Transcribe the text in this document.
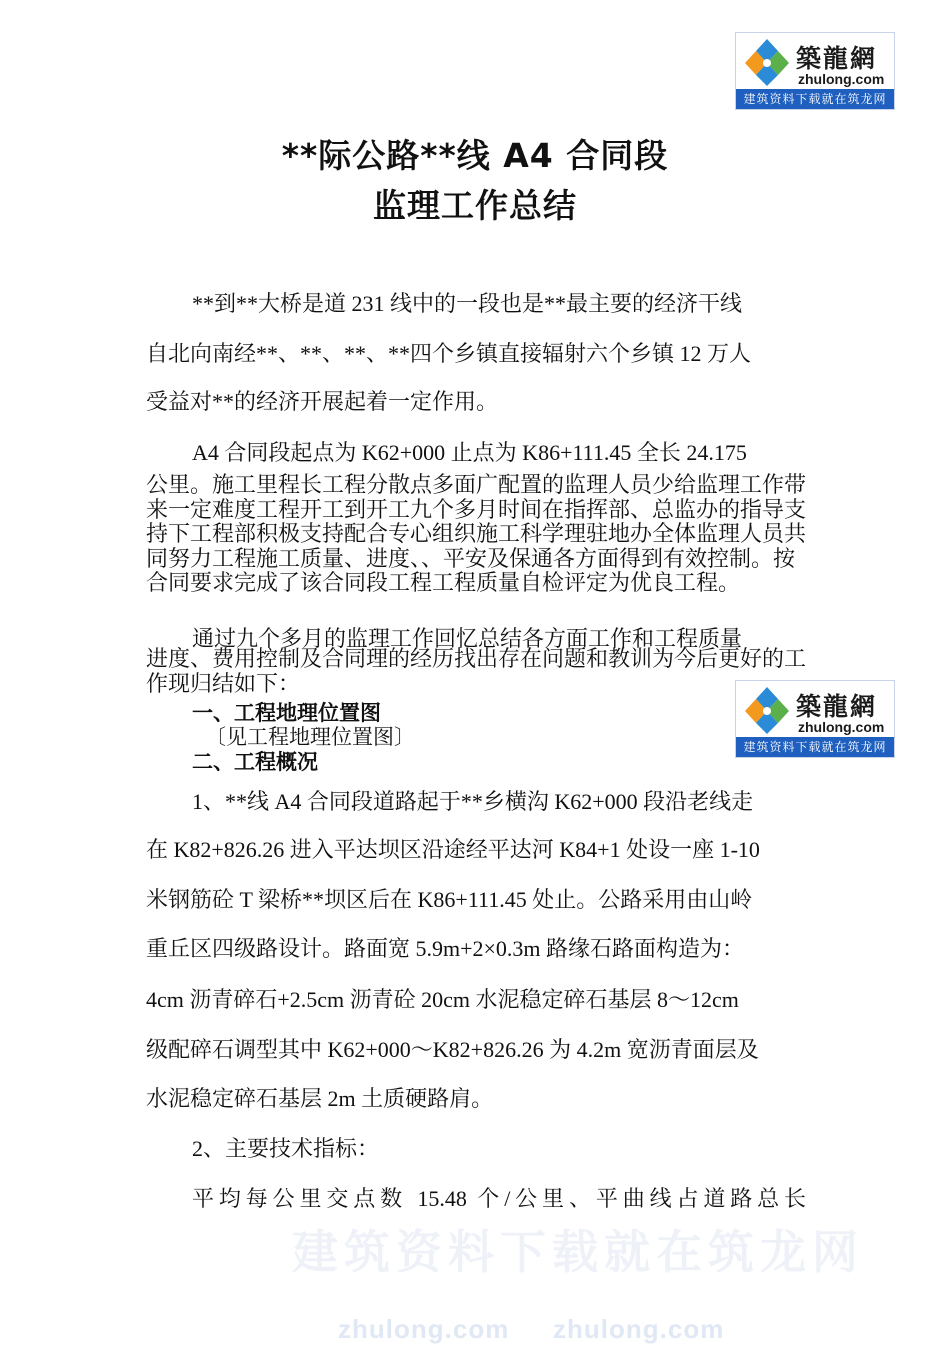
築龍網
zhulong.com
建筑资料下载就在筑龙网
**际公路**线 A4 合同段
监理工作总结
**到**大桥是道 231 线中的一段也是**最主要的经济干线
自北向南经**、**、**、**四个乡镇直接辐射六个乡镇 12 万人
受益对**的经济开展起着一定作用。
A4 合同段起点为 K62+000 止点为 K86+111.45 全长 24.175
公里。施工里程长工程分散点多面广配置的监理人员少给监理工作带来一定难度工程开工到开工九个多月时间在指挥部、总监办的指导支持下工程部积极支持配合专心组织施工科学理驻地办全体监理人员共同努力工程施工质量、进度、、平安及保通各方面得到有效控制。按合同要求完成了该合同段工程工程质量自检评定为优良工程。
通过九个多月的监理工作回忆总结各方面工作和工程质量
进度、费用控制及合同理的经历找出存在问题和教训为今后更好的工作现归结如下：
一、工程地理位置图
〔见工程地理位置图〕
築龍網
zhulong.com
建筑资料下载就在筑龙网
二、工程概况
1、**线 A4 合同段道路起于**乡横沟 K62+000 段沿老线走
在 K82+826.26 进入平达坝区沿途经平达河 K84+1 处设一座 1-10
米钢筋砼 T 梁桥**坝区后在 K86+111.45 处止。公路采用由山岭
重丘区四级路设计。路面宽 5.9m+2×0.3m 路缘石路面构造为：
4cm 沥青碎石+2.5cm 沥青砼 20cm 水泥稳定碎石基层 8～12cm
级配碎石调型其中 K62+000～K82+826.26 为 4.2m 宽沥青面层及
水泥稳定碎石基层 2m 土质硬路肩。
2、主要技术指标：
平均每公里交点数 15.48 个/公里、平曲线占道路总长
建筑资料下载就在筑龙网
zhulong.com zhulong.com
